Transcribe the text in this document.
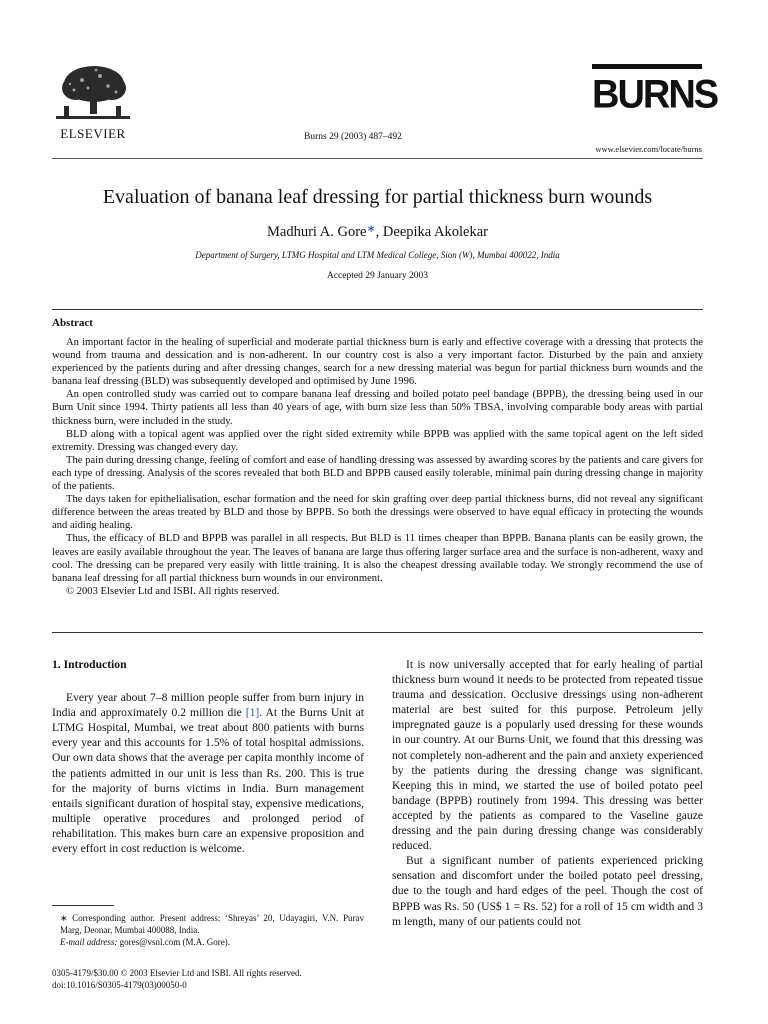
ELSEVIER	Burns 29 (2003) 487–492
BURNS
www.elsevier.com/locate/burns
Evaluation of banana leaf dressing for partial thickness burn wounds
Madhuri A. Gore∗, Deepika Akolekar
Department of Surgery, LTMG Hospital and LTM Medical College, Sion (W), Mumbai 400022, India
Accepted 29 January 2003
Abstract

An important factor in the healing of superficial and moderate partial thickness burn is early and effective coverage with a dressing that protects the wound from trauma and dessication and is non-adherent. In our country cost is also a very important factor. Disturbed by the pain and anxiety experienced by the patients during and after dressing changes, search for a new dressing material was begun for partial thickness burn wounds and the banana leaf dressing (BLD) was subsequently developed and optimised by June 1996.

An open controlled study was carried out to compare banana leaf dressing and boiled potato peel bandage (BPPB), the dressing being used in our Burn Unit since 1994. Thirty patients all less than 40 years of age, with burn size less than 50% TBSA, involving comparable body areas with partial thickness burn, were included in the study.

BLD along with a topical agent was applied over the right sided extremity while BPPB was applied with the same topical agent on the left sided extremity. Dressing was changed every day.

The pain during dressing change, feeling of comfort and ease of handling dressing was assessed by awarding scores by the patients and care givers for each type of dressing. Analysis of the scores revealed that both BLD and BPPB caused easily tolerable, minimal pain during dressing change in majority of the patients.

The days taken for epithelialisation, eschar formation and the need for skin grafting over deep partial thickness burns, did not reveal any significant difference between the areas treated by BLD and those by BPPB. So both the dressings were observed to have equal efficacy in protecting the wounds and aiding healing.

Thus, the efficacy of BLD and BPPB was parallel in all respects. But BLD is 11 times cheaper than BPPB. Banana plants can be easily grown, the leaves are easily available throughout the year. The leaves of banana are large thus offering larger surface area and the surface is non-adherent, waxy and cool. The dressing can be prepared very easily with little training. It is also the cheapest dressing available today. We strongly recommend the use of banana leaf dressing for all partial thickness burn wounds in our environment.

© 2003 Elsevier Ltd and ISBI. All rights reserved.

1. Introduction

Every year about 7–8 million people suffer from burn injury in India and approximately 0.2 million die [1]. At the Burns Unit at LTMG Hospital, Mumbai, we treat about 800 patients with burns every year and this accounts for 1.5% of total hospital admissions. Our own data shows that the average per capita monthly income of the patients admitted in our unit is less than Rs. 200. This is true for the majority of burns victims in India. Burn management entails significant duration of hospital stay, expensive medications, multiple operative procedures and prolonged period of rehabilitation. This makes burn care an expensive proposition and every effort in cost reduction is welcome.

It is now universally accepted that for early healing of partial thickness burn wound it needs to be protected from repeated tissue trauma and dessication. Occlusive dressings using non-adherent material are best suited for this purpose. Petroleum jelly impregnated gauze is a popularly used dressing for these wounds in our country. At our Burns Unit, we found that this dressing was not completely non-adherent and the pain and anxiety experienced by the patients during the dressing change was significant. Keeping this in mind, we started the use of boiled potato peel bandage (BPPB) routinely from 1994. This dressing was better accepted by the patients as compared to the Vaseline gauze dressing and the pain during dressing change was considerably reduced.

But a significant number of patients experienced pricking sensation and discomfort under the boiled potato peel dressing, due to the tough and hard edges of the peel. Though the cost of BPPB was Rs. 50 (US$ 1 = Rs. 52) for a roll of 15 cm width and 3 m length, many of our patients could not

∗ Corresponding author. Present address: ‘Shreyas’ 20, Udayagiri, V.N. Purav Marg, Deonar, Mumbai 400088, India.

E-mail address: gores@vsnl.com (M.A. Gore).

0305-4179/$30.00 © 2003 Elsevier Ltd and ISBI. All rights reserved.
doi:10.1016/S0305-4179(03)00050-0
